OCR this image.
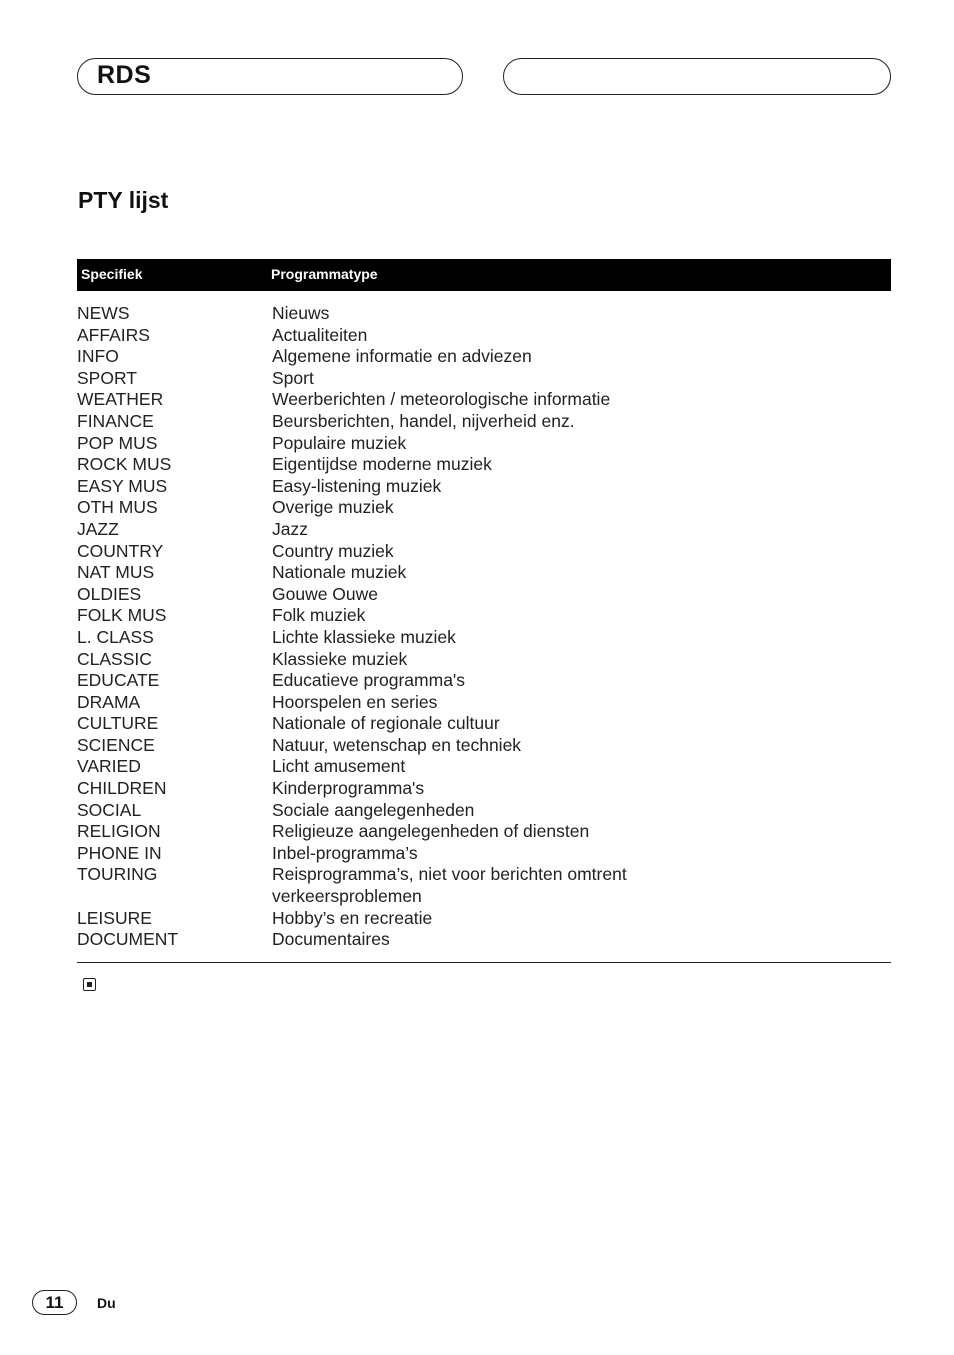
RDS
PTY lijst
Specifiek	Programmatype
NEWS	Nieuws
AFFAIRS	Actualiteiten
INFO	Algemene informatie en adviezen
SPORT	Sport
WEATHER	Weerberichten / meteorologische informatie
FINANCE	Beursberichten, handel, nijverheid enz.
POP MUS	Populaire muziek
ROCK MUS	Eigentijdse moderne muziek
EASY MUS	Easy-listening muziek
OTH MUS	Overige muziek
JAZZ	Jazz
COUNTRY	Country muziek
NAT MUS	Nationale muziek
OLDIES	Gouwe Ouwe
FOLK MUS	Folk muziek
L. CLASS	Lichte klassieke muziek
CLASSIC	Klassieke muziek
EDUCATE	Educatieve programma's
DRAMA	Hoorspelen en series
CULTURE	Nationale of regionale cultuur
SCIENCE	Natuur, wetenschap en techniek
VARIED	Licht amusement
CHILDREN	Kinderprogramma's
SOCIAL	Sociale aangelegenheden
RELIGION	Religieuze aangelegenheden of diensten
PHONE IN	Inbel-programma’s
TOURING	Reisprogramma’s, niet voor berichten omtrent verkeersproblemen
LEISURE	Hobby’s en recreatie
DOCUMENT	Documentaires
11	Du
